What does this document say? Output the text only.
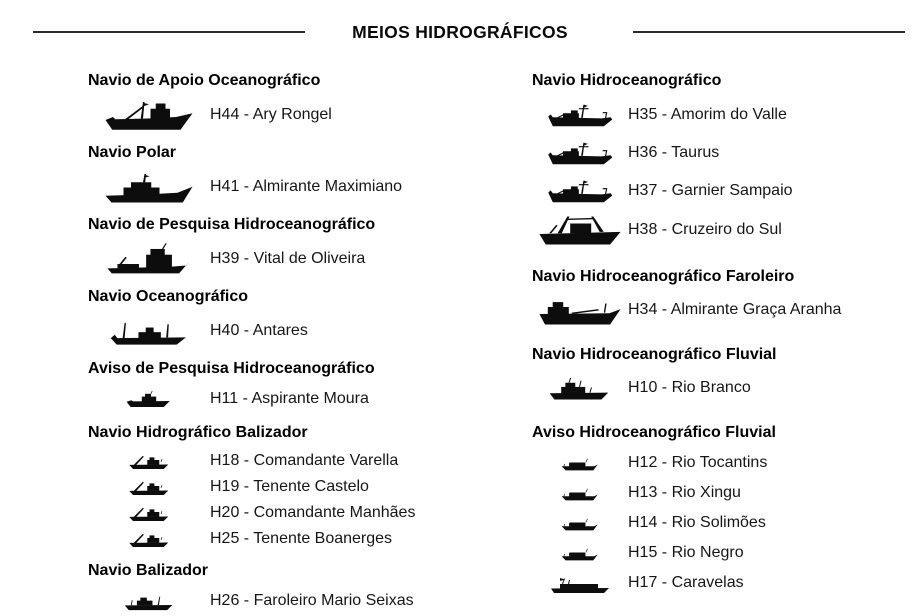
MEIOS HIDROGRÁFICOS
Navio de Apoio Oceanográfico
H44 - Ary Rongel
Navio Polar
H41 - Almirante Maximiano
Navio de Pesquisa Hidroceanográfico
H39 - Vital de Oliveira
Navio Oceanográfico
H40 - Antares
Aviso de Pesquisa Hidroceanográfico
H11 - Aspirante Moura
Navio Hidrográfico Balizador
H18 - Comandante Varella
H19 - Tenente Castelo
H20 - Comandante Manhães
H25 - Tenente Boanerges
Navio Balizador
H26 - Faroleiro Mario Seixas
Navio Hidroceanográfico
H35 - Amorim do Valle
H36 - Taurus
H37 - Garnier Sampaio
H38 - Cruzeiro do Sul
Navio Hidroceanográfico Faroleiro
H34 - Almirante Graça Aranha
Navio Hidroceanográfico Fluvial
H10 - Rio Branco
Aviso Hidroceanográfico Fluvial
H12 - Rio Tocantins
H13 - Rio Xingu
H14 - Rio Solimões
H15 - Rio Negro
H17 - Caravelas
